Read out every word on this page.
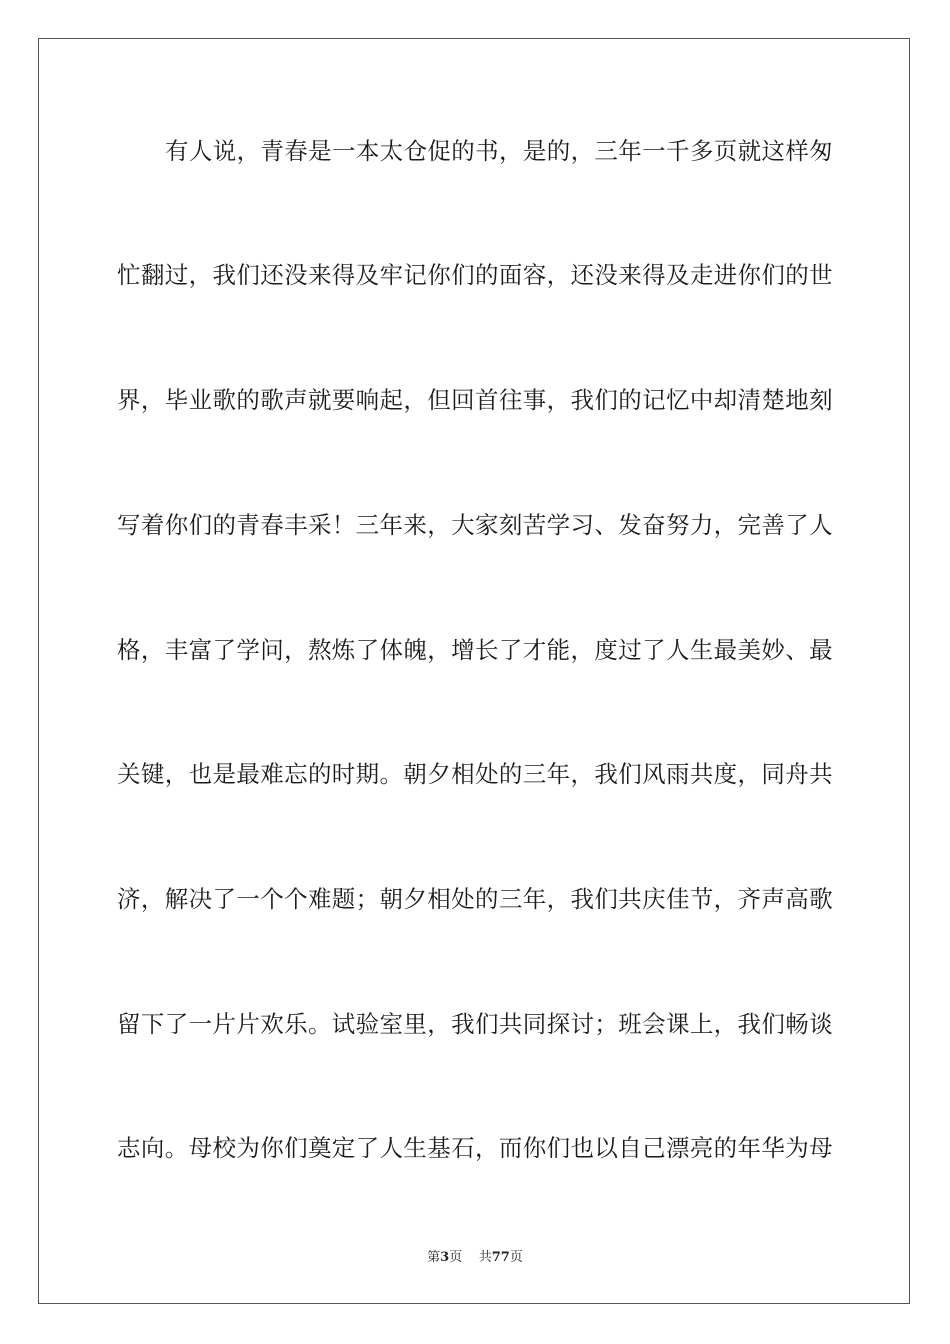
有人说，青春是一本太仓促的书，是的，三年一千多页就这样匆
忙翻过，我们还没来得及牢记你们的面容，还没来得及走进你们的世
界，毕业歌的歌声就要响起，但回首往事，我们的记忆中却清楚地刻
写着你们的青春丰采！三年来，大家刻苦学习、发奋努力，完善了人
格，丰富了学问，熬炼了体魄，增长了才能，度过了人生最美妙、最
关键，也是最难忘的时期。朝夕相处的三年，我们风雨共度，同舟共
济，解决了一个个难题；朝夕相处的三年，我们共庆佳节，齐声高歌
留下了一片片欢乐。试验室里，我们共同探讨；班会课上，我们畅谈
志向。母校为你们奠定了人生基石，而你们也以自己漂亮的年华为母
第3页 共77页
